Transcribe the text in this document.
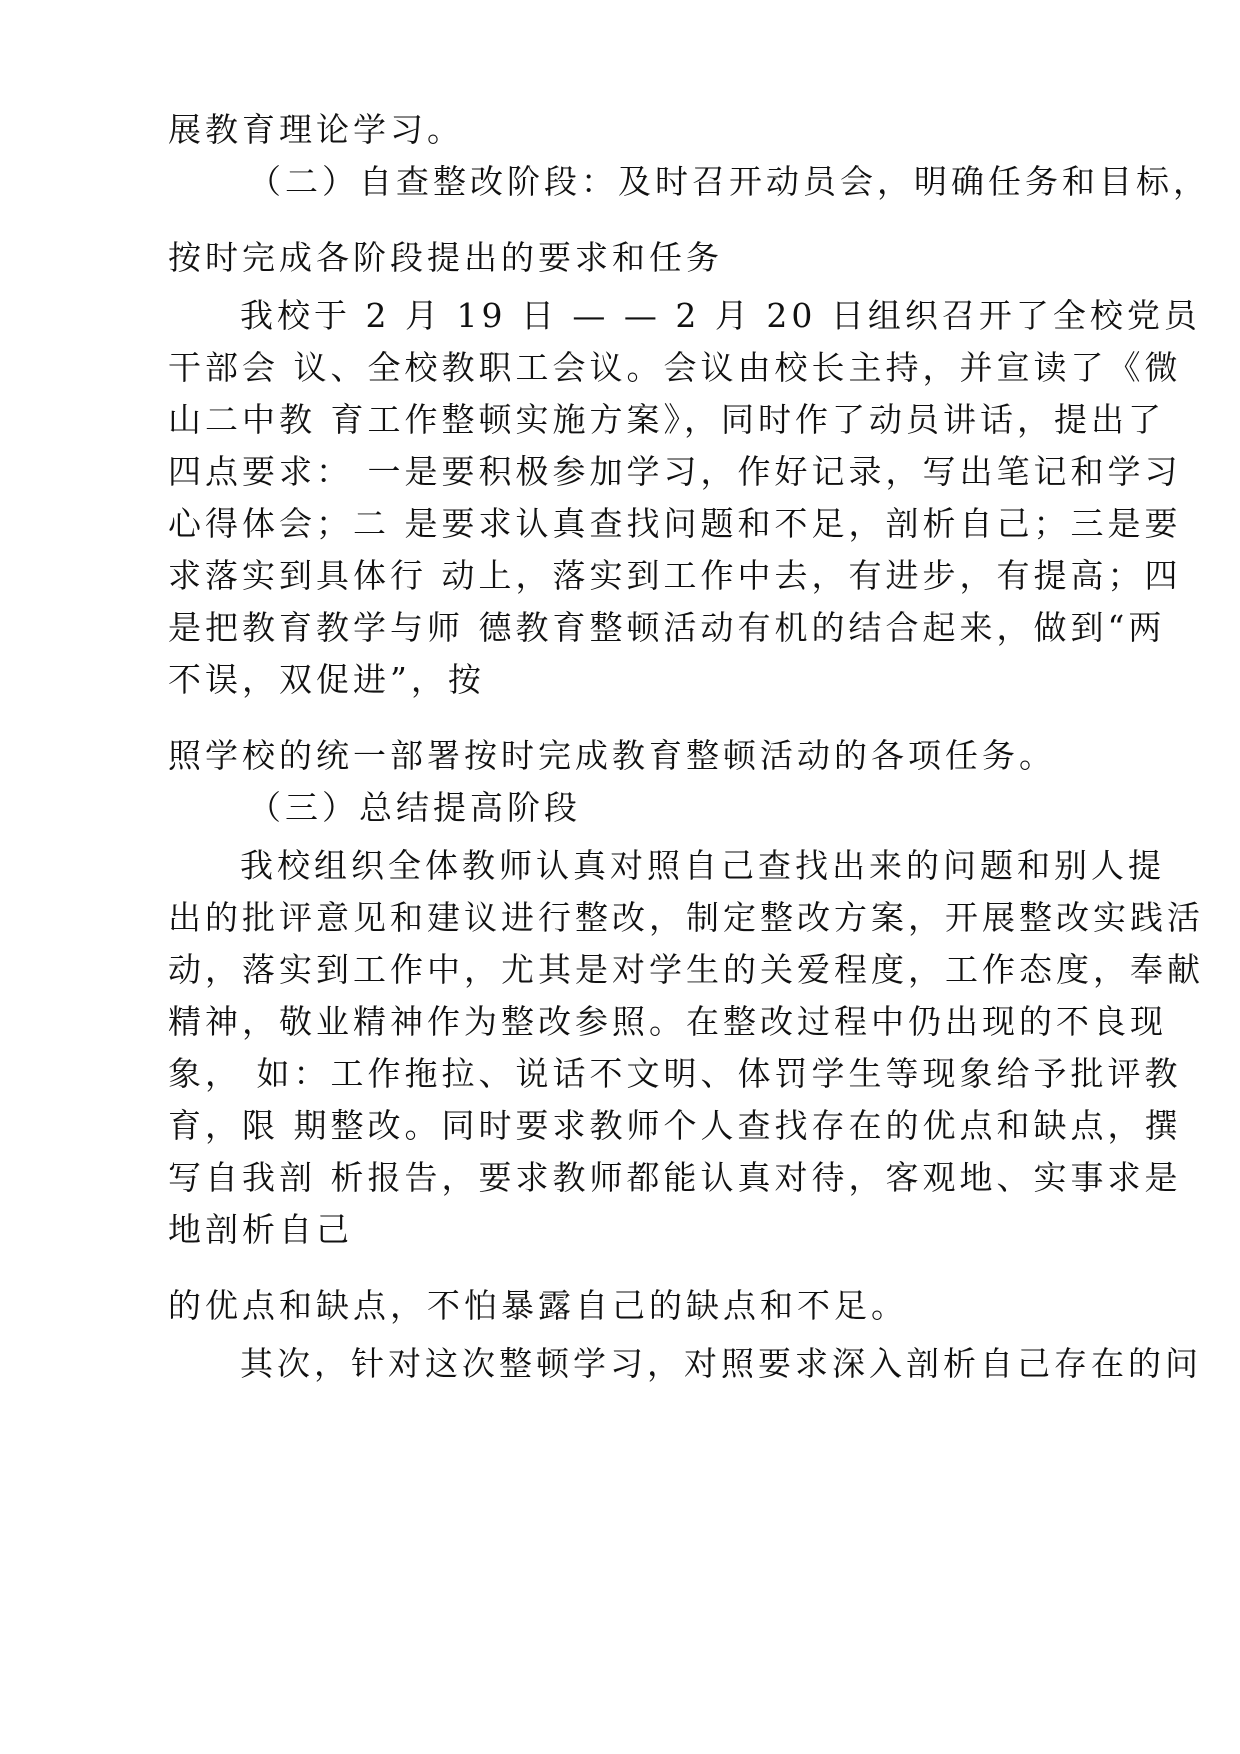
展教育理论学习。
（二）自查整改阶段：及时召开动员会，明确任务和目标，
按时完成各阶段提出的要求和任务
我校于 2 月 19 日 — — 2 月 20 日组织召开了全校党员
干部会 议、全校教职工会议。会议由校长主持，并宣读了《微
山二中教 育工作整顿实施方案》，同时作了动员讲话，提出了
四点要求： 一是要积极参加学习，作好记录，写出笔记和学习
心得体会；二 是要求认真查找问题和不足，剖析自己；三是要
求落实到具体行 动上，落实到工作中去，有进步，有提高；四
是把教育教学与师 德教育整顿活动有机的结合起来，做到“两
不误，双促进”，按
照学校的统一部署按时完成教育整顿活动的各项任务。
（三）总结提高阶段
我校组织全体教师认真对照自己查找出来的问题和别人提
出的批评意见和建议进行整改，制定整改方案，开展整改实践活
动，落实到工作中，尤其是对学生的关爱程度，工作态度，奉献
精神，敬业精神作为整改参照。在整改过程中仍出现的不良现
象， 如：工作拖拉、说话不文明、体罚学生等现象给予批评教
育，限 期整改。同时要求教师个人查找存在的优点和缺点，撰
写自我剖 析报告，要求教师都能认真对待，客观地、实事求是
地剖析自己
的优点和缺点，不怕暴露自己的缺点和不足。
其次，针对这次整顿学习，对照要求深入剖析自己存在的问
